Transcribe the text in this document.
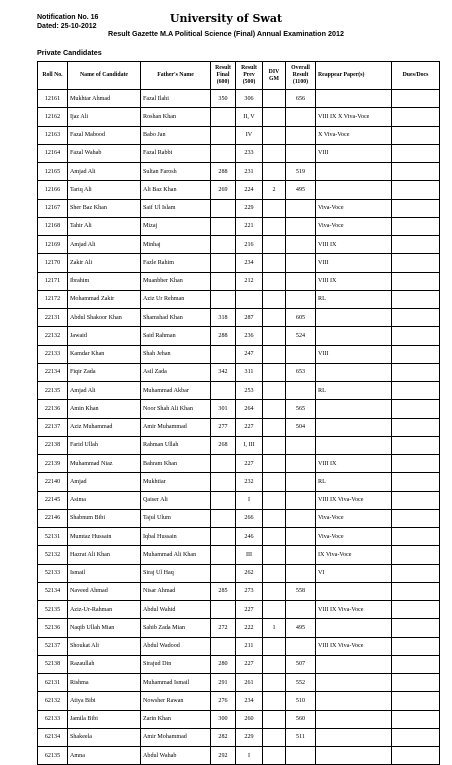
Notification No. 16
Dated: 25-10-2012
University of Swat
Result Gazette M.A Political Science (Final) Annual Examination 2012
Private Candidates
Roll No.	Name of Candidate	Father's Name	Result Final (600)	Result Prev (500)	DIV GM	Overall Result (1100)	Reappear Paper(s)	Dues/Docs
12161	Mukhtar Ahmad	Fazal Ilahi	350	306		656		
12162	Ijaz Ali	Roshan Khan		II, V			VIII IX X Viva-Voce	
12163	Fazal Mabood	Babo Jan		IV			X Viva-Voce	
12164	Fazal Wahab	Fazal Rabbi		233			VIII	
12165	Amjad Ali	Sultan Farosh	288	231		519		
12166	Tariq Ali	Ali Baz Khan	269	224	2	495		
12167	Sher Baz Khan	Saif Ul Islam		229			Viva-Voce	
12168	Tahir Ali	Mizaj		221			Viva-Voce	
12169	Amjad Ali	Minhaj		216			VIII IX	
12170	Zakir Ali	Fazle Rahim		234			VIII	
12171	Ibrahim	Muanbber Khan		212			VIII IX	
12172	Mohammad Zakir	Aziz Ur Rehman					RL	
22131	Abdul Shakoor Khan	Shamshad Khan	318	287		605		
22132	Jawaid	Said Rahman	288	236		524		
22133	Kamdar Khan	Shah Jehan		247			VIII	
22134	Fiqir Zada	Asil Zada	342	311		653		
22135	Amjad Ali	Muhammad Akbar		253			RL	
22136	Amin Khan	Noor Shah Ali Khan	301	264		565		
22137	Aziz Muhammad	Amir Muhammad	277	227		504		
22138	Farid Ullah	Rahman Ullah	268	I, III				
22139	Muhammad Niaz	Bahram Khan		227			VIII IX	
22140	Amjad	Mukhtiar		232			RL	
22145	Asima	Qaiser Ali		I			VIII IX Viva-Voce	
22146	Shabnum Bibi	Tajul Ulum		266			Viva-Voce	
52131	Mumtaz Hussain	Iqbal Hussain		246			Viva-Voce	
52132	Hazrat Ali Khan	Muhammad Ali Khan		III			IX Viva-Voce	
52133	Ismail	Siraj Ul Haq		262			VI	
52134	Naveed Ahmad	Nisar Ahmad	285	273		558		
52135	Aziz-Ur-Rahman	Abdul Wahid		227			VIII IX Viva-Voce	
52136	Naqib Ullah Mian	Sahib Zada Mian	272	222	1	495		
52137	Shoukat Ali	Abdul Wadood		211			VIII IX Viva-Voce	
52138	Razaullah	Sirajud Din	280	227		507		
62131	Rishma	Muhammad Ismail	291	261		552		
62132	Atiya Bibi	Nowsher Rawan	276	234		510		
62133	Jamila Bibi	Zarin Khan	300	260		560		
62134	Shakeela	Amir Mohammad	282	229		511		
62135	Amna	Abdul Wahab	292	I				
